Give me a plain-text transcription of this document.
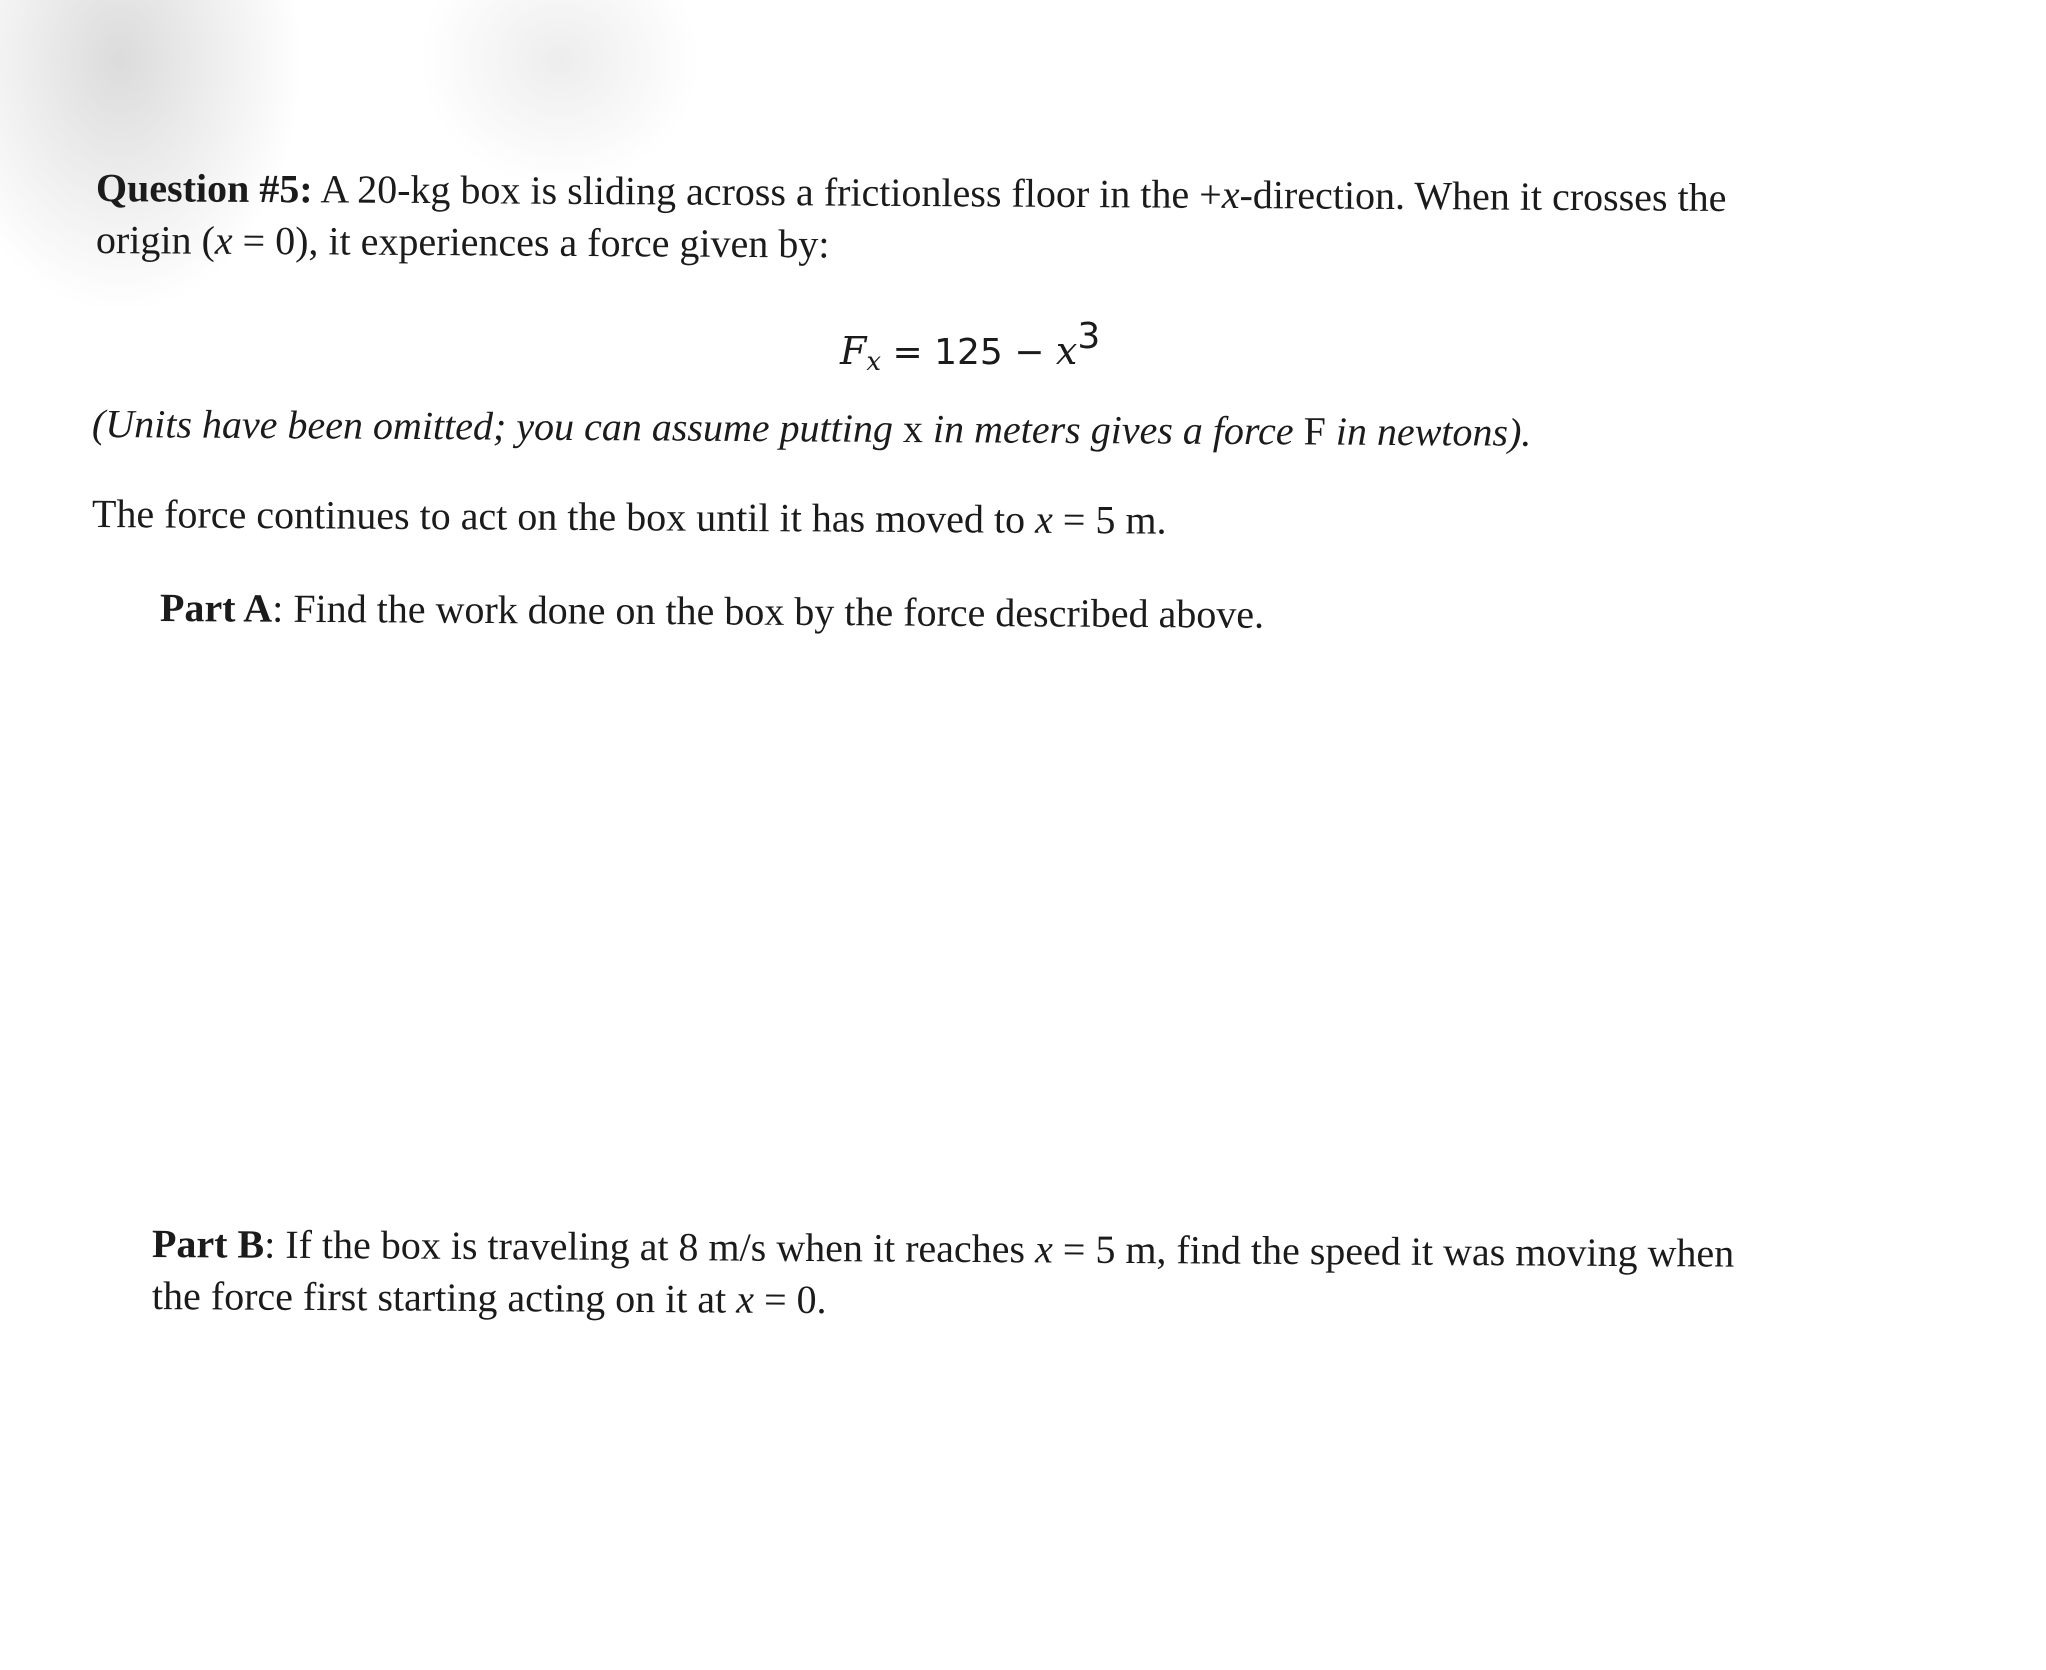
Question #5: A 20-kg box is sliding across a frictionless floor in the +x-direction. When it crosses the

origin (x = 0), it experiences a force given by:

$F_x = 125 - x^3$

(Units have been omitted; you can assume putting x in meters gives a force F in newtons).

The force continues to act on the box until it has moved to x = 5 m.

Part A: Find the work done on the box by the force described above.

Part B: If the box is traveling at 8 m/s when it reaches x = 5 m, find the speed it was moving when

the force first starting acting on it at x = 0.
